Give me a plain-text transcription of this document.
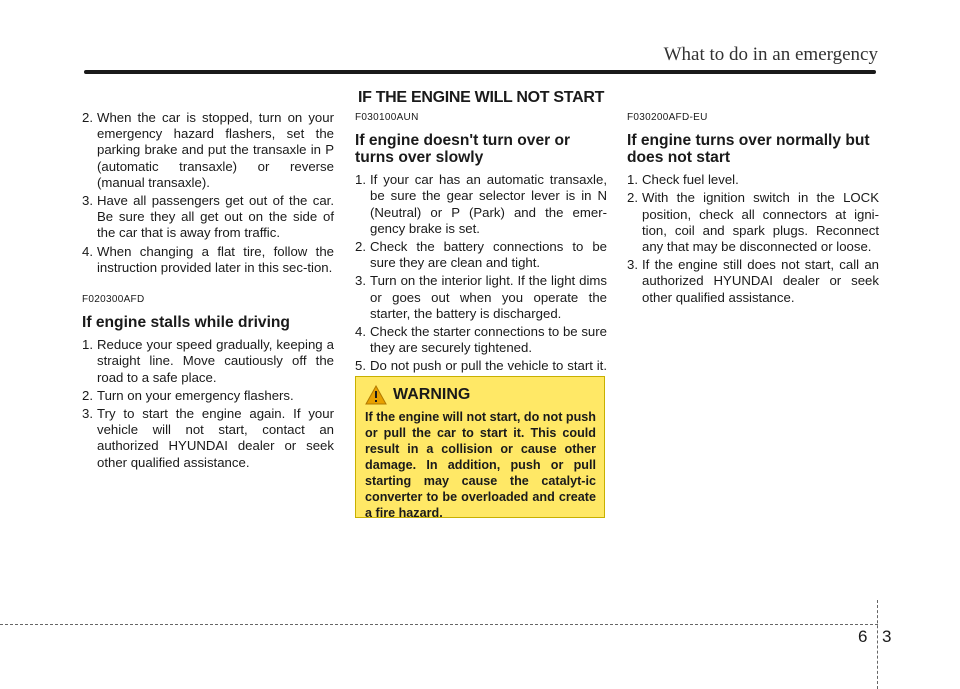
What to do in an emergency
IF THE ENGINE WILL NOT START
2. When the car is stopped, turn on your emergency hazard flashers, set the parking brake and put the transaxle in P (automatic transaxle) or reverse (manual transaxle).
3. Have all passengers get out of the car. Be sure they all get out on the side of the car that is away from traffic.
4. When changing a flat tire, follow the instruction provided later in this sec-tion.
F020300AFD
If engine stalls while driving
1. Reduce your speed gradually, keeping a straight line. Move cautiously off the road to a safe place.
2. Turn on your emergency flashers.
3. Try to start the engine again. If your vehicle will not start, contact an authorized HYUNDAI dealer or seek other qualified assistance.
F030100AUN
If engine doesn't turn over or turns over slowly
1. If your car has an automatic transaxle, be sure the gear selector lever is in N (Neutral) or P (Park) and the emer-gency brake is set.
2. Check the battery connections to be sure they are clean and tight.
3. Turn on the interior light. If the light dims or goes out when you operate the starter, the battery is discharged.
4. Check the starter connections to be sure they are securely tightened.
5. Do not push or pull the vehicle to start it.
WARNING
If the engine will not start, do not push or pull the car to start it. This could result in a collision or cause other damage. In addition, push or pull starting may cause the catalyt-ic converter to be overloaded and create a fire hazard.
F030200AFD-EU
If engine turns over normally but does not start
1. Check fuel level.
2. With the ignition switch in the LOCK position, check all connectors at igni-tion, coil and spark plugs. Reconnect any that may be disconnected or loose.
3. If the engine still does not start, call an authorized HYUNDAI dealer or seek other qualified assistance.
6 3
